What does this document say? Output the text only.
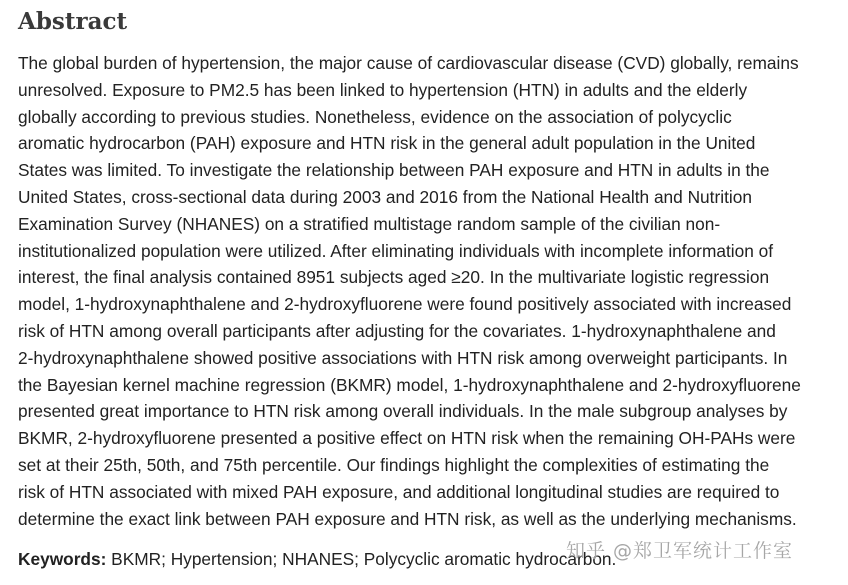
Abstract
The global burden of hypertension, the major cause of cardiovascular disease (CVD) globally, remains
unresolved. Exposure to PM2.5 has been linked to hypertension (HTN) in adults and the elderly
globally according to previous studies. Nonetheless, evidence on the association of polycyclic
aromatic hydrocarbon (PAH) exposure and HTN risk in the general adult population in the United
States was limited. To investigate the relationship between PAH exposure and HTN in adults in the
United States, cross-sectional data during 2003 and 2016 from the National Health and Nutrition
Examination Survey (NHANES) on a stratified multistage random sample of the civilian non-
institutionalized population were utilized. After eliminating individuals with incomplete information of
interest, the final analysis contained 8951 subjects aged ≥20. In the multivariate logistic regression
model, 1-hydroxynaphthalene and 2-hydroxyfluorene were found positively associated with increased
risk of HTN among overall participants after adjusting for the covariates. 1-hydroxynaphthalene and
2-hydroxynaphthalene showed positive associations with HTN risk among overweight participants. In
the Bayesian kernel machine regression (BKMR) model, 1-hydroxynaphthalene and 2-hydroxyfluorene
presented great importance to HTN risk among overall individuals. In the male subgroup analyses by
BKMR, 2-hydroxyfluorene presented a positive effect on HTN risk when the remaining OH-PAHs were
set at their 25th, 50th, and 75th percentile. Our findings highlight the complexities of estimating the
risk of HTN associated with mixed PAH exposure, and additional longitudinal studies are required to
determine the exact link between PAH exposure and HTN risk, as well as the underlying mechanisms.
Keywords: BKMR; Hypertension; NHANES; Polycyclic aromatic hydrocarbon.
知乎 @郑卫军统计工作室
